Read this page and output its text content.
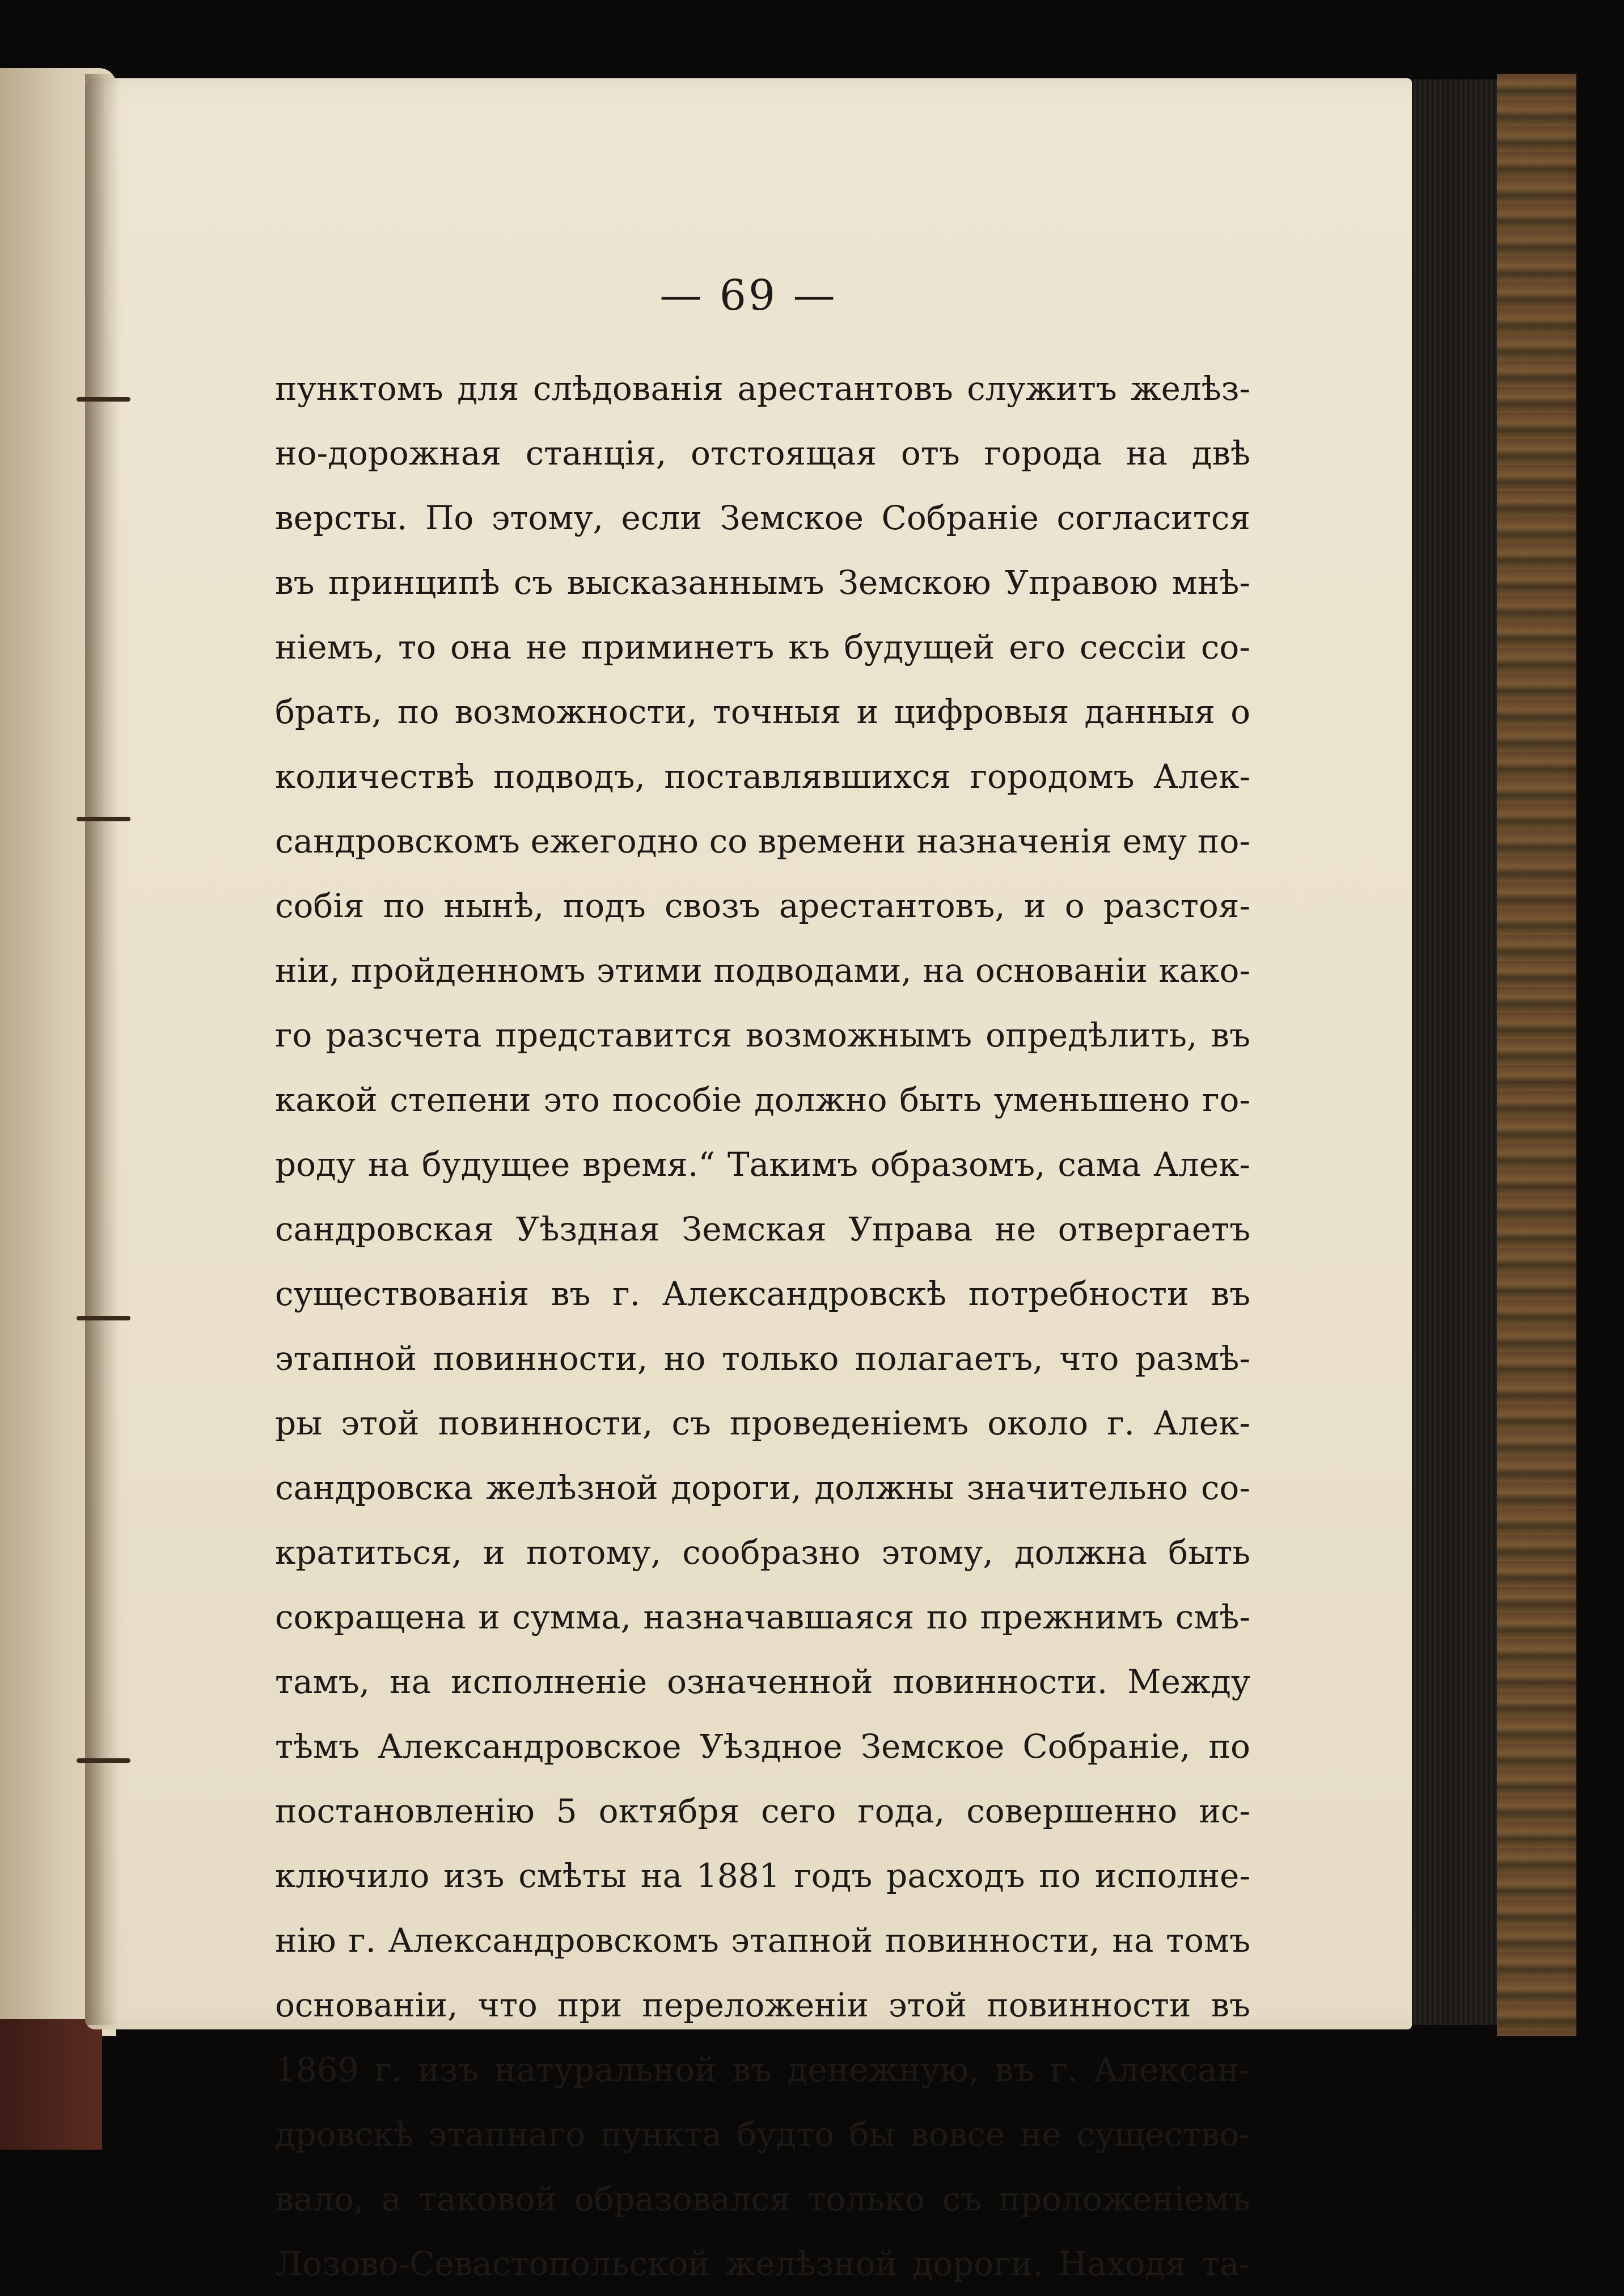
— 69 —
пунктомъ для слѣдованія арестантовъ служитъ желѣз-
но-дорожная станція, отстоящая отъ города на двѣ
версты. По этому, если Земское Собраніе согласится
въ принципѣ съ высказаннымъ Земскою Управою мнѣ-
ніемъ, то она не приминетъ къ будущей его сессіи со-
брать, по возможности, точныя и цифровыя данныя о
количествѣ подводъ, поставлявшихся городомъ Алек-
сандровскомъ ежегодно со времени назначенія ему по-
собія по нынѣ, подъ свозъ арестантовъ, и о разстоя-
ніи, пройденномъ этими подводами, на основаніи како-
го разсчета представится возможнымъ опредѣлить, въ
какой степени это пособіе должно быть уменьшено го-
роду на будущее время.“ Такимъ образомъ, сама Алек-
сандровская Уѣздная Земская Управа не отвергаетъ
существованія въ г. Александровскѣ потребности въ
этапной повинности, но только полагаетъ, что размѣ-
ры этой повинности, съ проведеніемъ около г. Алек-
сандровска желѣзной дороги, должны значительно со-
кратиться, и потому, сообразно этому, должна быть
сокращена и сумма, назначавшаяся по прежнимъ смѣ-
тамъ, на исполненіе означенной повинности. Между
тѣмъ Александровское Уѣздное Земское Собраніе, по
постановленію 5 октября сего года, совершенно ис-
ключило изъ смѣты на 1881 годъ расходъ по исполне-
нію г. Александровскомъ этапной повинности, на томъ
основаніи, что при переложеніи этой повинности въ
1869 г. изъ натуральной въ денежную, въ г. Алексан-
дровскѣ этапнаго пункта будто бы вовсе не существо-
вало, а таковой образовался только съ проложеніемъ
Лозово-Севастопольской желѣзной дороги. Находя та-
